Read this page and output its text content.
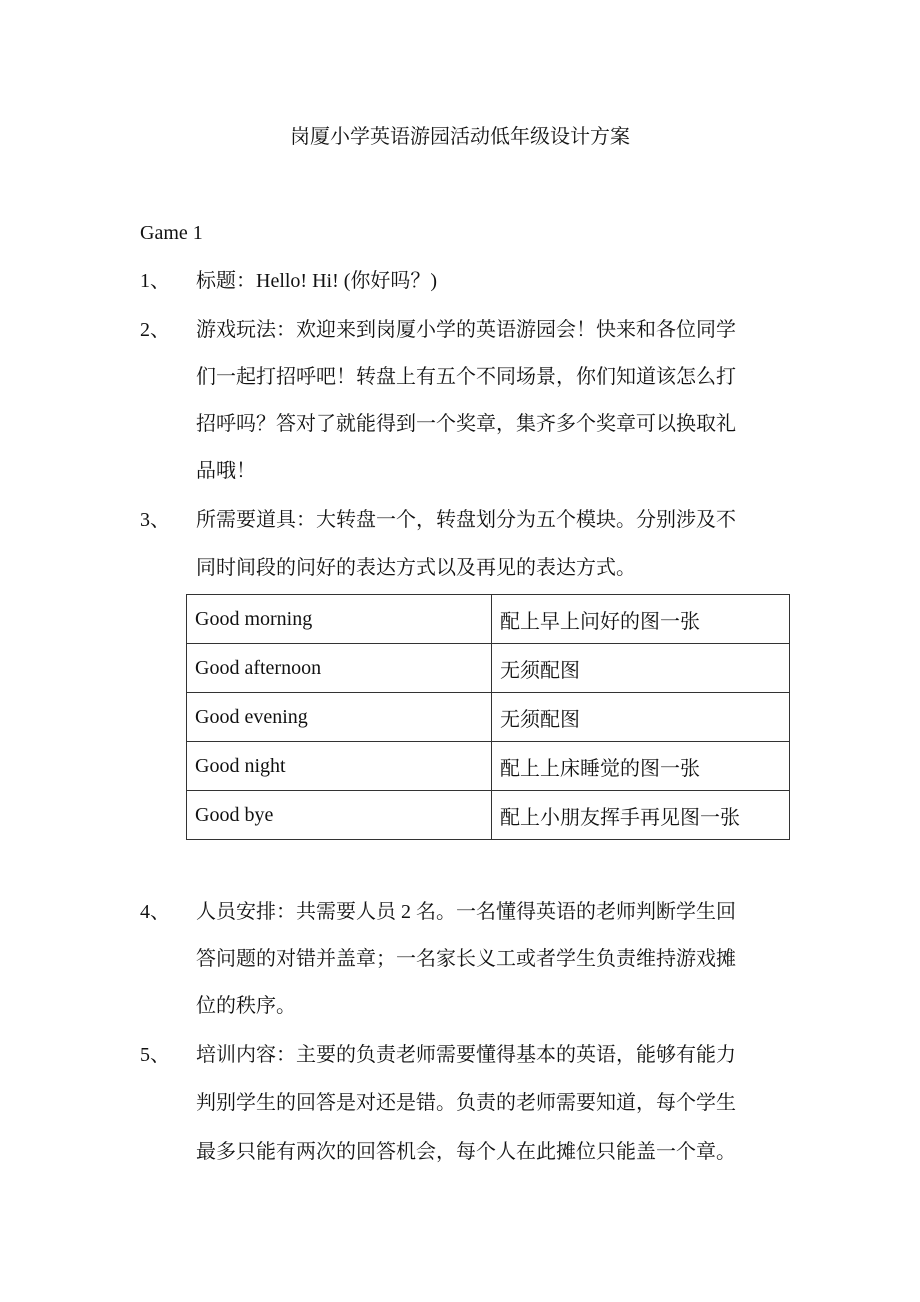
岗厦小学英语游园活动低年级设计方案
Game 1
1、 标题：Hello! Hi! (你好吗？)
2、 游戏玩法：欢迎来到岗厦小学的英语游园会！快来和各位同学
们一起打招呼吧！转盘上有五个不同场景，你们知道该怎么打
招呼吗？答对了就能得到一个奖章，集齐多个奖章可以换取礼
品哦！
3、 所需要道具：大转盘一个，转盘划分为五个模块。分别涉及不
同时间段的问好的表达方式以及再见的表达方式。
Good morning	配上早上问好的图一张
Good afternoon	无须配图
Good evening	无须配图
Good night	配上上床睡觉的图一张
Good bye	配上小朋友挥手再见图一张
4、 人员安排：共需要人员 2 名。一名懂得英语的老师判断学生回
答问题的对错并盖章；一名家长义工或者学生负责维持游戏摊
位的秩序。
5、 培训内容：主要的负责老师需要懂得基本的英语，能够有能力
判别学生的回答是对还是错。负责的老师需要知道，每个学生
最多只能有两次的回答机会，每个人在此摊位只能盖一个章。
